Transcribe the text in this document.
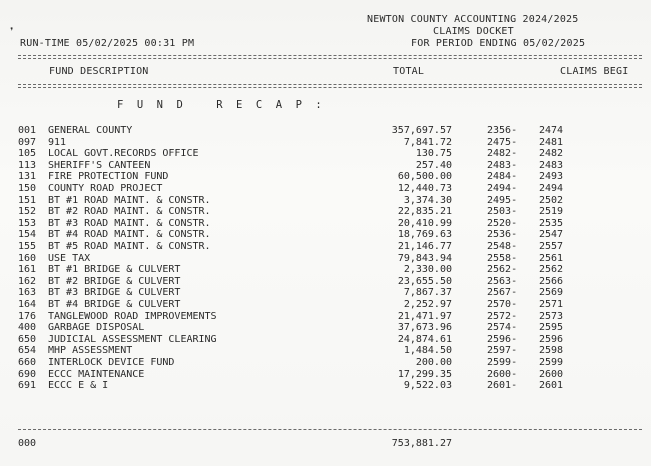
❜
NEWTON COUNTY ACCOUNTING 2024/2025
CLAIMS DOCKET
FOR PERIOD ENDING 05/02/2025
RUN-TIME 05/02/2025 00:31 PM
FUND DESCRIPTION	TOTAL	CLAIMS BEGI
F U N D   R E C A P :
001 GENERAL COUNTY	357,697.57	2356- 2474
097 911	7,841.72	2475- 2481
105 LOCAL GOVT.RECORDS OFFICE	130.75	2482- 2482
113 SHERIFF'S CANTEEN	257.40	2483- 2483
131 FIRE PROTECTION FUND	60,500.00	2484- 2493
150 COUNTY ROAD PROJECT	12,440.73	2494- 2494
151 BT #1 ROAD MAINT. & CONSTR.	3,374.30	2495- 2502
152 BT #2 ROAD MAINT. & CONSTR.	22,835.21	2503- 2519
153 BT #3 ROAD MAINT. & CONSTR.	20,410.99	2520- 2535
154 BT #4 ROAD MAINT. & CONSTR.	18,769.63	2536- 2547
155 BT #5 ROAD MAINT. & CONSTR.	21,146.77	2548- 2557
160 USE TAX	79,843.94	2558- 2561
161 BT #1 BRIDGE & CULVERT	2,330.00	2562- 2562
162 BT #2 BRIDGE & CULVERT	23,655.50	2563- 2566
163 BT #3 BRIDGE & CULVERT	7,867.37	2567- 2569
164 BT #4 BRIDGE & CULVERT	2,252.97	2570- 2571
176 TANGLEWOOD ROAD IMPROVEMENTS	21,471.97	2572- 2573
400 GARBAGE DISPOSAL	37,673.96	2574- 2595
650 JUDICIAL ASSESSMENT CLEARING	24,874.61	2596- 2596
654 MHP ASSESSMENT	1,484.50	2597- 2598
660 INTERLOCK DEVICE FUND	200.00	2599- 2599
690 ECCC MAINTENANCE	17,299.35	2600- 2600
691 ECCC E & I	9,522.03	2601- 2601
000	753,881.27
